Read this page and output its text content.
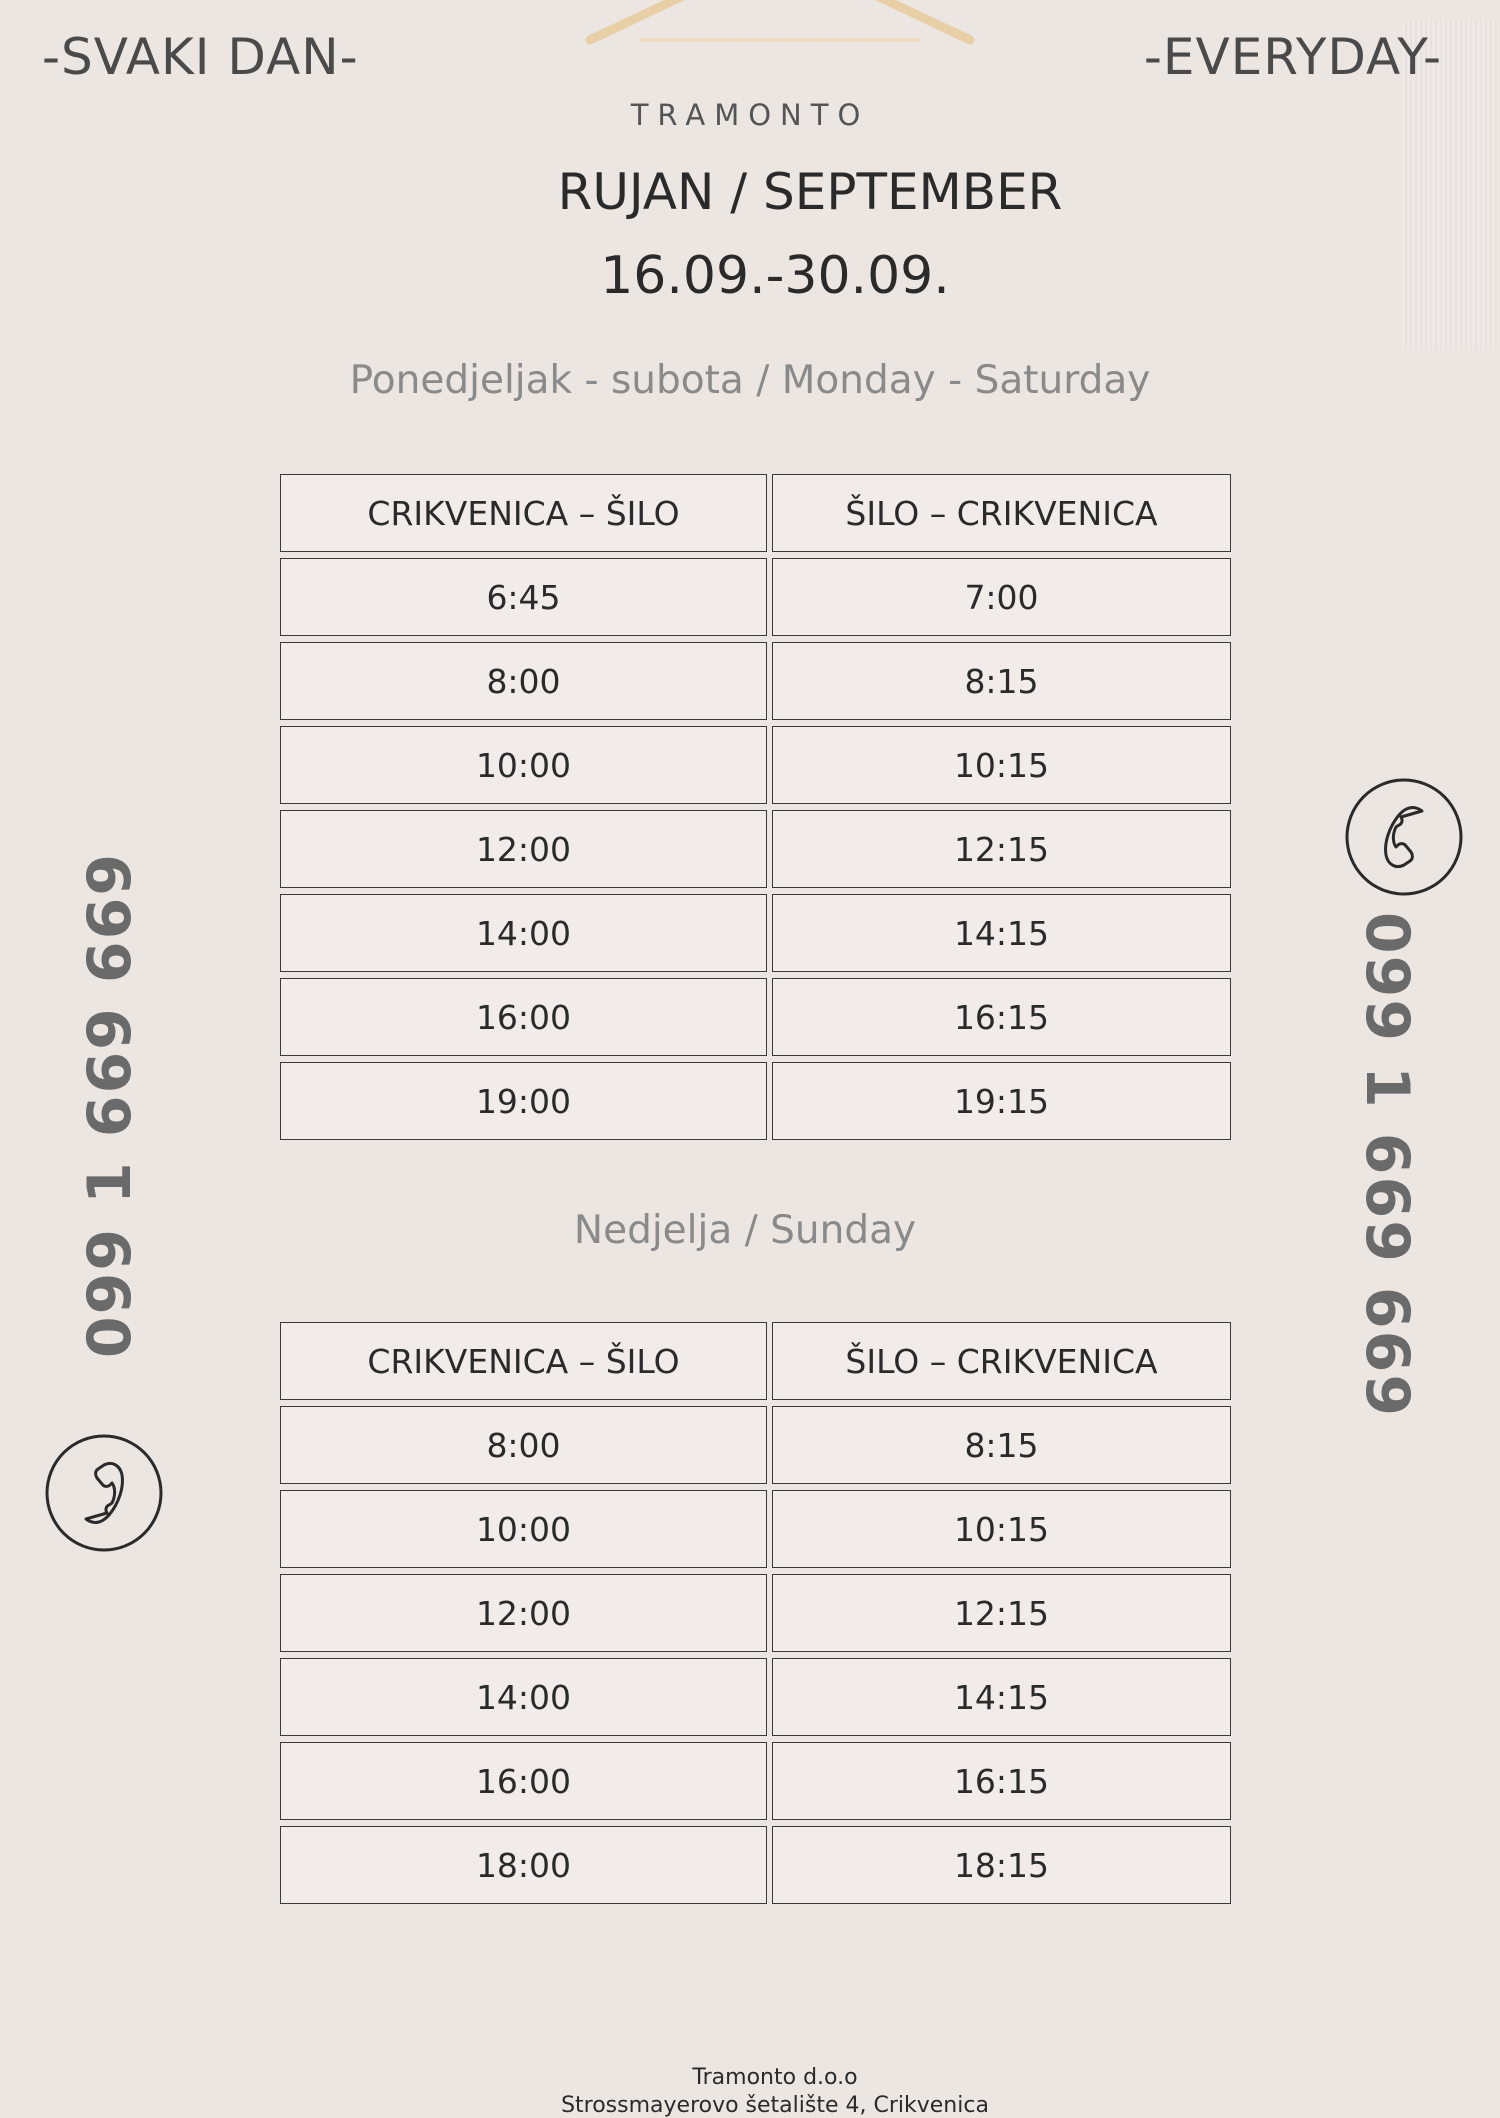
-SVAKI DAN-	-EVERYDAY-
TRAMONTO
RUJAN / SEPTEMBER
16.09.-30.09.
Ponedjeljak - subota / Monday - Saturday
CRIKVENICA – ŠILO	ŠILO – CRIKVENICA
6:45	7:00
8:00	8:15
10:00	10:15
12:00	12:15
14:00	14:15
16:00	16:15
19:00	19:15
Nedjelja / Sunday
CRIKVENICA – ŠILO	ŠILO – CRIKVENICA
8:00	8:15
10:00	10:15
12:00	12:15
14:00	14:15
16:00	16:15
18:00	18:15
099 1 669 669	099 1 669 669
Tramonto d.o.o
Strossmayerovo šetalište 4, Crikvenica
